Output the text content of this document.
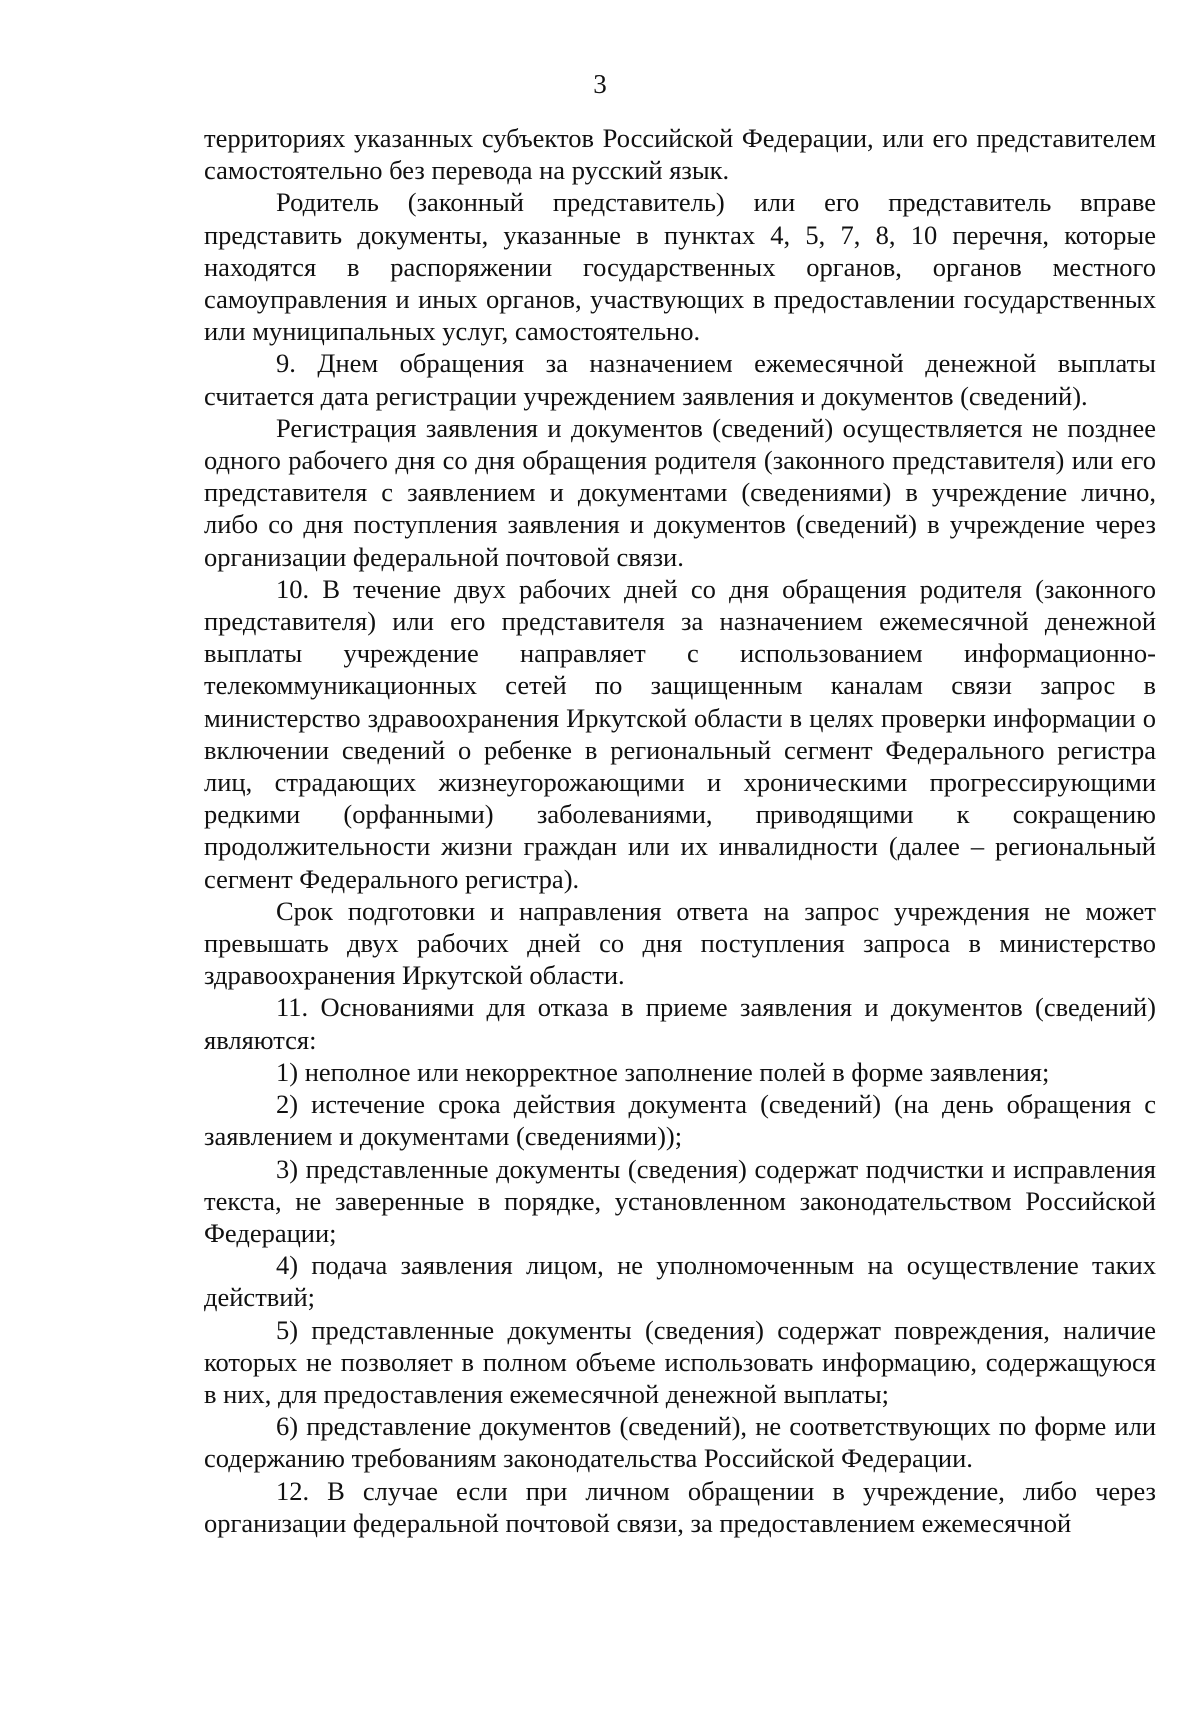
3

территориях указанных субъектов Российской Федерации, или его представителем самостоятельно без перевода на русский язык.

Родитель (законный представитель) или его представитель вправе представить документы, указанные в пунктах 4, 5, 7, 8, 10 перечня, которые находятся в распоряжении государственных органов, органов местного самоуправления и иных органов, участвующих в предоставлении государственных или муниципальных услуг, самостоятельно.

9. Днем обращения за назначением ежемесячной денежной выплаты считается дата регистрации учреждением заявления и документов (сведений).

Регистрация заявления и документов (сведений) осуществляется не позднее одного рабочего дня со дня обращения родителя (законного представителя) или его представителя с заявлением и документами (сведениями) в учреждение лично, либо со дня поступления заявления и документов (сведений) в учреждение через организации федеральной почтовой связи.

10. В течение двух рабочих дней со дня обращения родителя (законного представителя) или его представителя за назначением ежемесячной денежной выплаты учреждение направляет с использованием информационно-телекоммуникационных сетей по защищенным каналам связи запрос в министерство здравоохранения Иркутской области в целях проверки информации о включении сведений о ребенке в региональный сегмент Федерального регистра лиц, страдающих жизнеугорожающими и хроническими прогрессирующими редкими (орфанными) заболеваниями, приводящими к сокращению продолжительности жизни граждан или их инвалидности (далее – региональный сегмент Федерального регистра).

Срок подготовки и направления ответа на запрос учреждения не может превышать двух рабочих дней со дня поступления запроса в министерство здравоохранения Иркутской области.

11. Основаниями для отказа в приеме заявления и документов (сведений) являются:

1) неполное или некорректное заполнение полей в форме заявления;

2) истечение срока действия документа (сведений) (на день обращения с заявлением и документами (сведениями));

3) представленные документы (сведения) содержат подчистки и исправления текста, не заверенные в порядке, установленном законодательством Российской Федерации;

4) подача заявления лицом, не уполномоченным на осуществление таких действий;

5) представленные документы (сведения) содержат повреждения, наличие которых не позволяет в полном объеме использовать информацию, содержащуюся в них, для предоставления ежемесячной денежной выплаты;

6) представление документов (сведений), не соответствующих по форме или содержанию требованиям законодательства Российской Федерации.

12. В случае если при личном обращении в учреждение, либо через организации федеральной почтовой связи, за предоставлением ежемесячной
